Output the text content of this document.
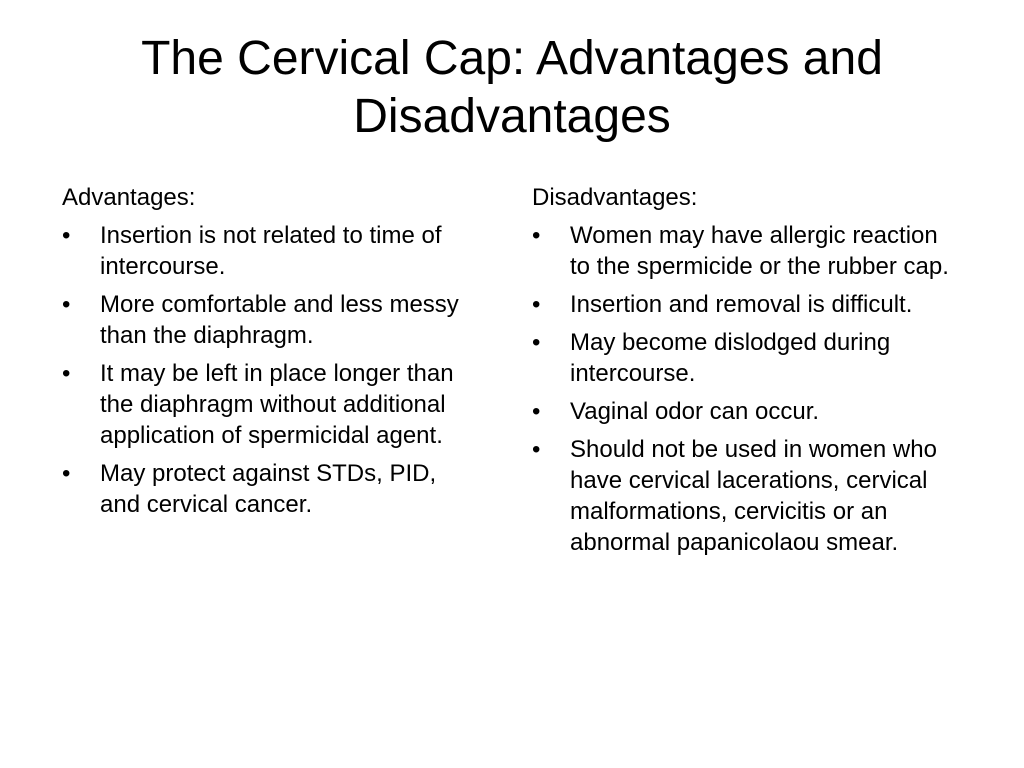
The Cervical Cap: Advantages and Disadvantages
Advantages:
•	Insertion is not related to time of intercourse.
•	More comfortable and less messy than the diaphragm.
•	It may be left in place longer than the diaphragm without additional application of spermicidal agent.
•	May protect against STDs, PID, and cervical cancer.
Disadvantages:
•	Women may have allergic reaction to the spermicide or the rubber cap.
•	Insertion and removal is difficult.
•	May become dislodged during intercourse.
•	Vaginal odor can occur.
•	Should not be used in women who have cervical lacerations, cervical malformations, cervicitis or an abnormal papanicolaou smear.
